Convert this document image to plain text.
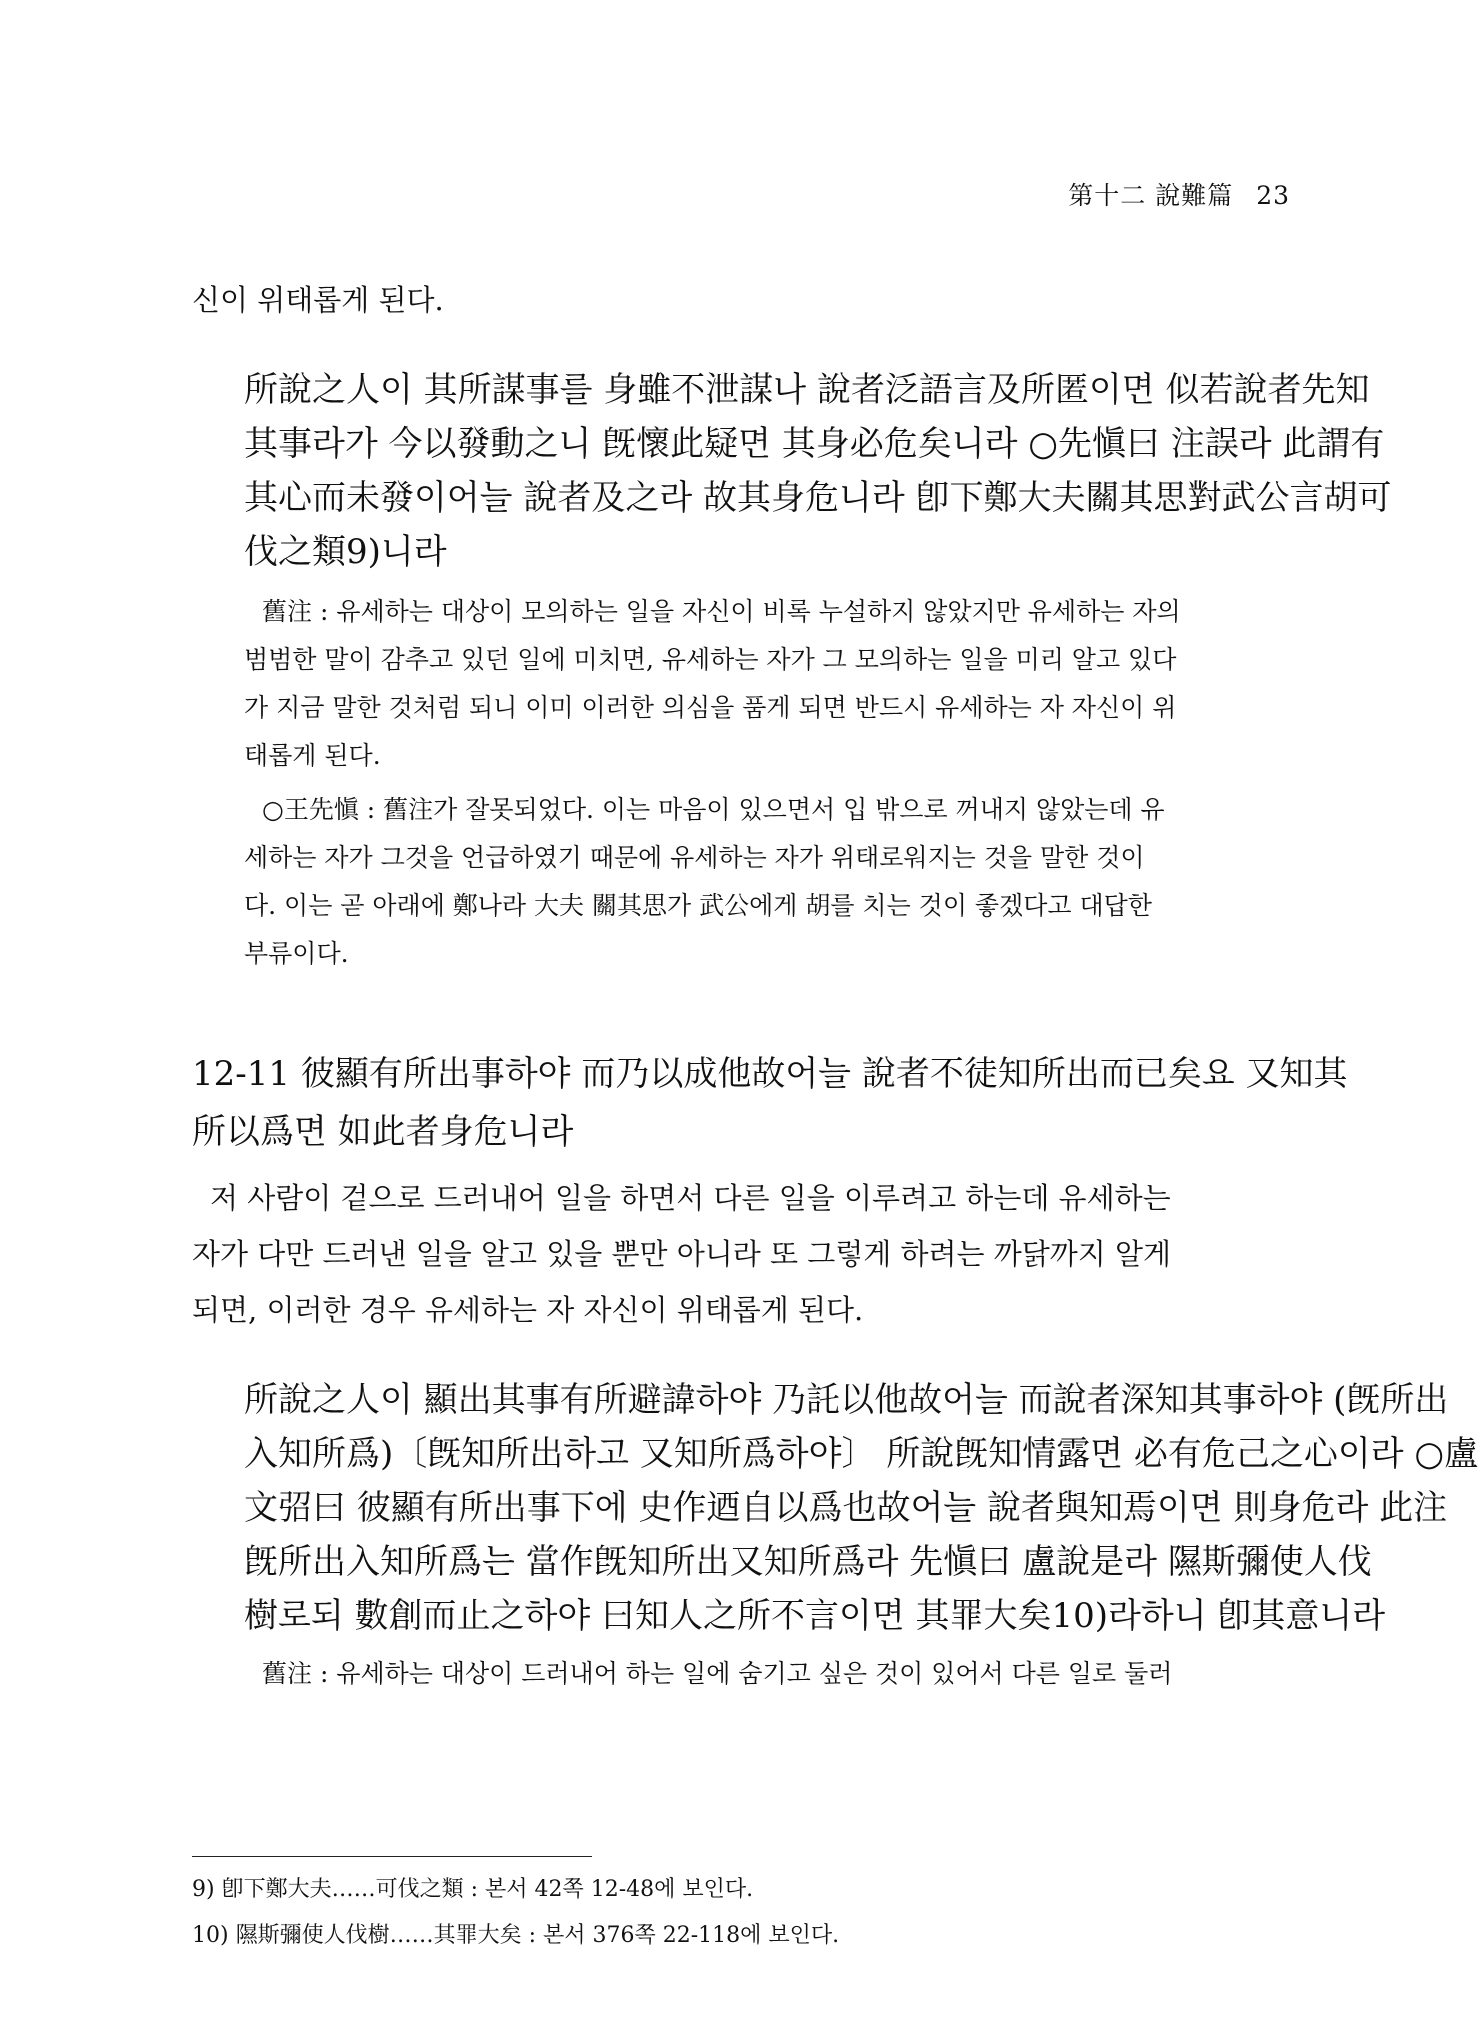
第十二 說難篇 23
신이 위태롭게 된다.
所說之人이 其所謀事를 身雖不泄謀나 說者泛語言及所匿이면 似若說者先知
其事라가 今以發動之니 旣懷此疑면 其身必危矣니라 ○先愼曰 注誤라 此謂有
其心而未發이어늘 說者及之라 故其身危니라 卽下鄭大夫關其思對武公言胡可
伐之類9)니라
舊注 : 유세하는 대상이 모의하는 일을 자신이 비록 누설하지 않았지만 유세하는 자의
범범한 말이 감추고 있던 일에 미치면, 유세하는 자가 그 모의하는 일을 미리 알고 있다
가 지금 말한 것처럼 되니 이미 이러한 의심을 품게 되면 반드시 유세하는 자 자신이 위
태롭게 된다.
○王先愼 : 舊注가 잘못되었다. 이는 마음이 있으면서 입 밖으로 꺼내지 않았는데 유
세하는 자가 그것을 언급하였기 때문에 유세하는 자가 위태로워지는 것을 말한 것이
다. 이는 곧 아래에 鄭나라 大夫 關其思가 武公에게 胡를 치는 것이 좋겠다고 대답한
부류이다.
12-11 彼顯有所出事하야 而乃以成他故어늘 說者不徒知所出而已矣요 又知其
所以爲면 如此者身危니라
저 사람이 겉으로 드러내어 일을 하면서 다른 일을 이루려고 하는데 유세하는
자가 다만 드러낸 일을 알고 있을 뿐만 아니라 또 그렇게 하려는 까닭까지 알게
되면, 이러한 경우 유세하는 자 자신이 위태롭게 된다.
所說之人이 顯出其事有所避諱하야 乃託以他故어늘 而說者深知其事하야 (旣所出
入知所爲)〔旣知所出하고 又知所爲하야〕 所說旣知情露면 必有危己之心이라 ○盧
文弨曰 彼顯有所出事下에 史作迺自以爲也故어늘 說者與知焉이면 則身危라 此注
旣所出入知所爲는 當作旣知所出又知所爲라 先愼曰 盧說是라 隰斯彌使人伐
樹로되 數創而止之하야 曰知人之所不言이면 其罪大矣10)라하니 卽其意니라
舊注 : 유세하는 대상이 드러내어 하는 일에 숨기고 싶은 것이 있어서 다른 일로 둘러
9) 卽下鄭大夫……可伐之類 : 본서 42쪽 12-48에 보인다.
10) 隰斯彌使人伐樹……其罪大矣 : 본서 376쪽 22-118에 보인다.
